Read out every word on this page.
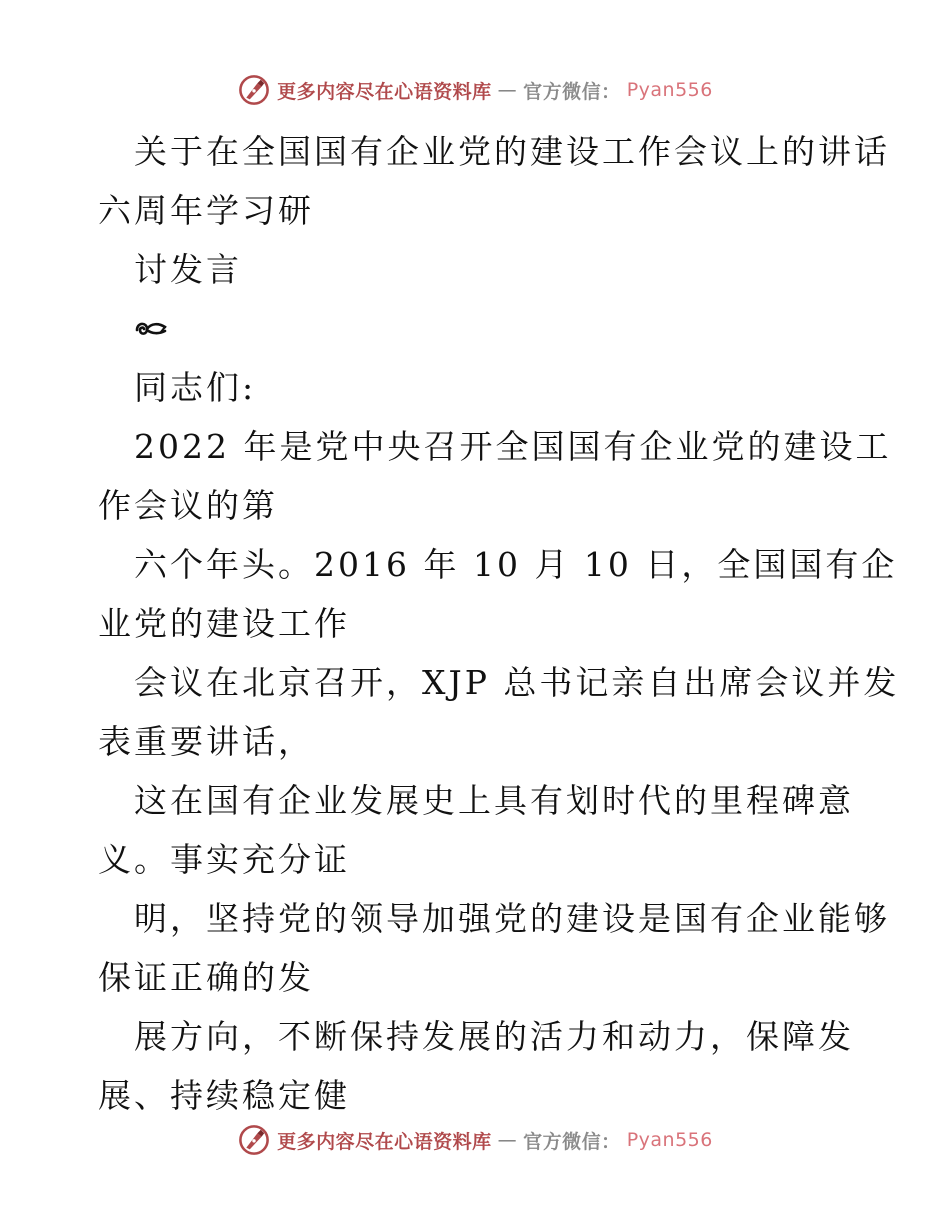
更多内容尽在心语资料库 — 官方微信： Pyan556
关于在全国国有企业党的建设工作会议上的讲话
六周年学习研
讨发言
同志们:
2022 年是党中央召开全国国有企业党的建设工
作会议的第
六个年头。2016 年 10 月 10 日，全国国有企
业党的建设工作
会议在北京召开，XJP 总书记亲自出席会议并发
表重要讲话，
这在国有企业发展史上具有划时代的里程碑意
义。事实充分证
明，坚持党的领导加强党的建设是国有企业能够
保证正确的发
展方向，不断保持发展的活力和动力，保障发
展、持续稳定健
更多内容尽在心语资料库 — 官方微信： Pyan556
